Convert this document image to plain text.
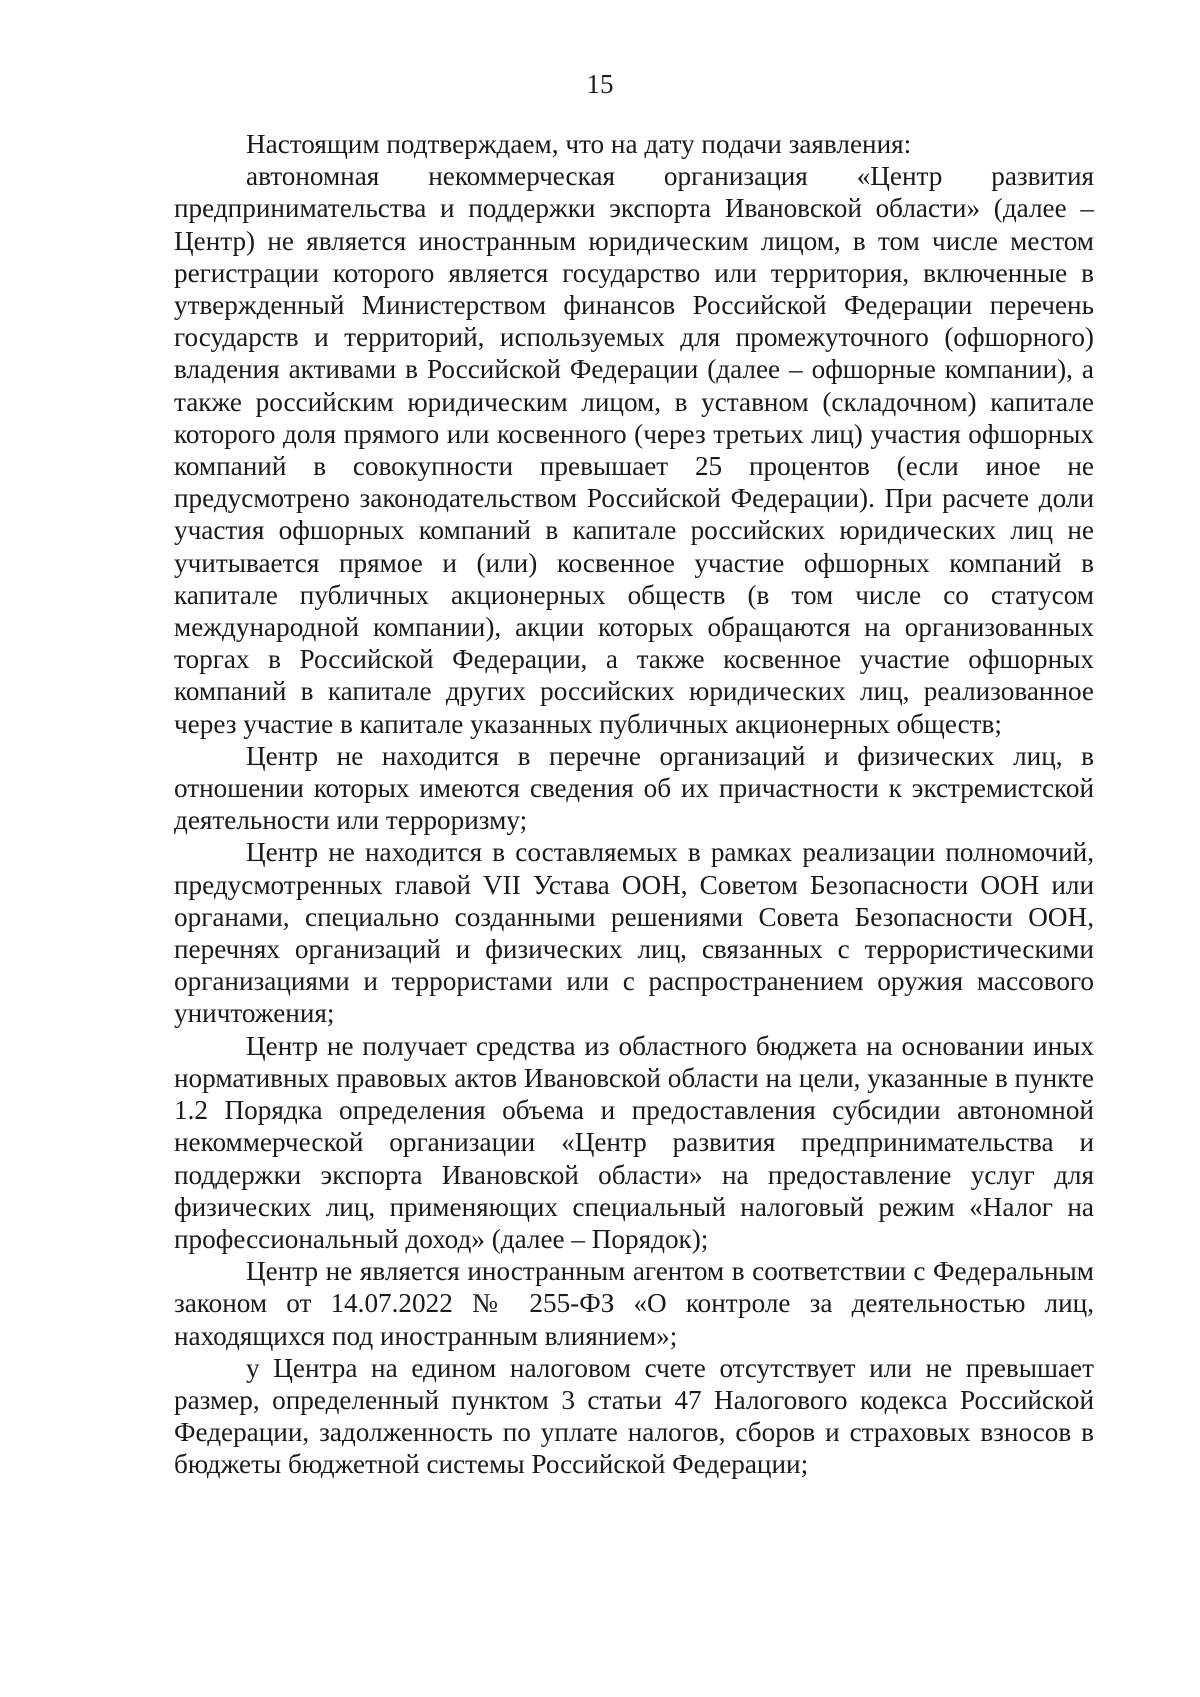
15

Настоящим подтверждаем, что на дату подачи заявления:

автономная некоммерческая организация «Центр развития предпринимательства и поддержки экспорта Ивановской области» (далее – Центр) не является иностранным юридическим лицом, в том числе местом регистрации которого является государство или территория, включенные в утвержденный Министерством финансов Российской Федерации перечень государств и территорий, используемых для промежуточного (офшорного) владения активами в Российской Федерации (далее – офшорные компании), а также российским юридическим лицом, в уставном (складочном) капитале которого доля прямого или косвенного (через третьих лиц) участия офшорных компаний в совокупности превышает 25 процентов (если иное не предусмотрено законодательством Российской Федерации). При расчете доли участия офшорных компаний в капитале российских юридических лиц не учитывается прямое и (или) косвенное участие офшорных компаний в капитале публичных акционерных обществ (в том числе со статусом международной компании), акции которых обращаются на организованных торгах в Российской Федерации, а также косвенное участие офшорных компаний в капитале других российских юридических лиц, реализованное через участие в капитале указанных публичных акционерных обществ;

Центр не находится в перечне организаций и физических лиц, в отношении которых имеются сведения об их причастности к экстремистской деятельности или терроризму;

Центр не находится в составляемых в рамках реализации полномочий, предусмотренных главой VII Устава ООН, Советом Безопасности ООН или органами, специально созданными решениями Совета Безопасности ООН, перечнях организаций и физических лиц, связанных с террористическими организациями и террористами или с распространением оружия массового уничтожения;

Центр не получает средства из областного бюджета на основании иных нормативных правовых актов Ивановской области на цели, указанные в пункте 1.2 Порядка определения объема и предоставления субсидии автономной некоммерческой организации «Центр развития предпринимательства и поддержки экспорта Ивановской области» на предоставление услуг для физических лиц, применяющих специальный налоговый режим «Налог на профессиональный доход» (далее – Порядок);

Центр не является иностранным агентом в соответствии с Федеральным законом от 14.07.2022 № 255-ФЗ «О контроле за деятельностью лиц, находящихся под иностранным влиянием»;

у Центра на едином налоговом счете отсутствует или не превышает размер, определенный пунктом 3 статьи 47 Налогового кодекса Российской Федерации, задолженность по уплате налогов, сборов и страховых взносов в бюджеты бюджетной системы Российской Федерации;
